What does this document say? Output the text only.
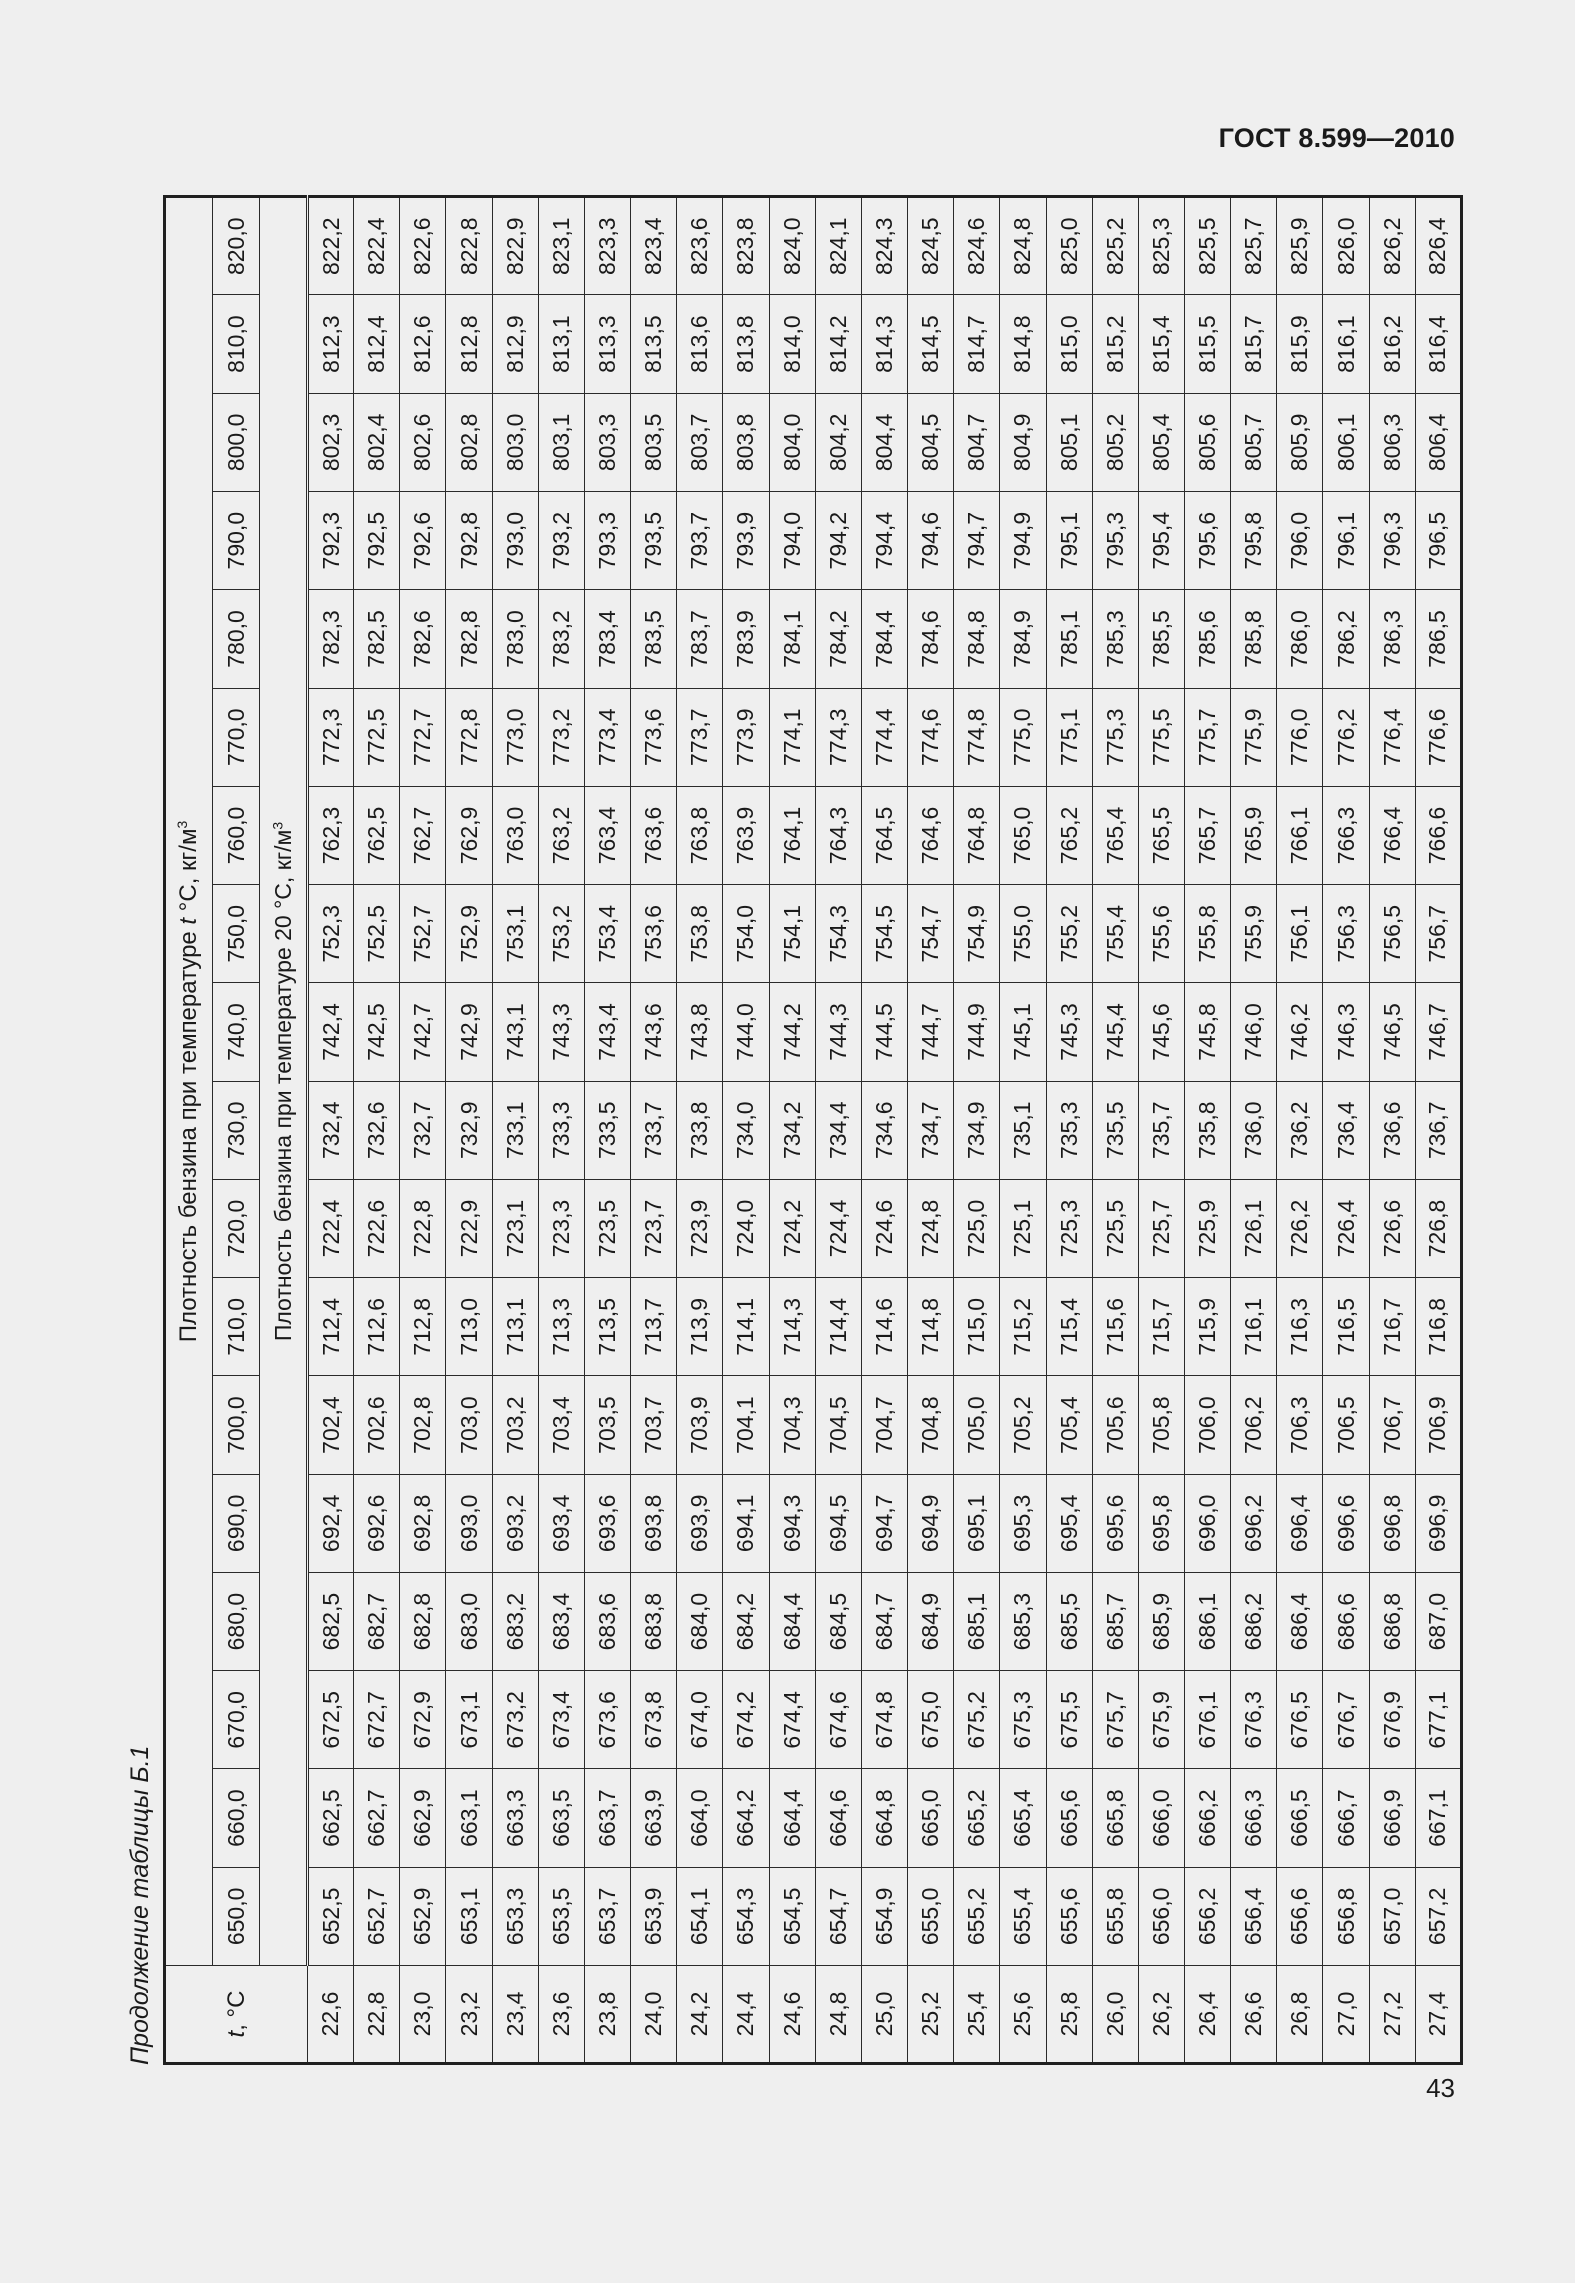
ГОСТ 8.599—2010
Продолжение таблицы Б.1	t, °С	Плотность бензина при температуре t °С, $кг/м^3$
	650,0	660,0	670,0	680,0	690,0	700,0	710,0	720,0	730,0	740,0	750,0	760,0	770,0	780,0	790,0	800,0	810,0	820,0
	Плотность бензина при температуре 20 °С, $кг/м^3$
22,6	652,5	662,5	672,5	682,5	692,4	702,4	712,4	722,4	732,4	742,4	752,3	762,3	772,3	782,3	792,3	802,3	812,3	822,2
22,8	652,7	662,7	672,7	682,7	692,6	702,6	712,6	722,6	732,6	742,5	752,5	762,5	772,5	782,5	792,5	802,4	812,4	822,4
23,0	652,9	662,9	672,9	682,8	692,8	702,8	712,8	722,8	732,7	742,7	752,7	762,7	772,7	782,6	792,6	802,6	812,6	822,6
23,2	653,1	663,1	673,1	683,0	693,0	703,0	713,0	722,9	732,9	742,9	752,9	762,9	772,8	782,8	792,8	802,8	812,8	822,8
23,4	653,3	663,3	673,2	683,2	693,2	703,2	713,1	723,1	733,1	743,1	753,1	763,0	773,0	783,0	793,0	803,0	812,9	822,9
23,6	653,5	663,5	673,4	683,4	693,4	703,4	713,3	723,3	733,3	743,3	753,2	763,2	773,2	783,2	793,2	803,1	813,1	823,1
23,8	653,7	663,7	673,6	683,6	693,6	703,5	713,5	723,5	733,5	743,4	753,4	763,4	773,4	783,4	793,3	803,3	813,3	823,3
24,0	653,9	663,9	673,8	683,8	693,8	703,7	713,7	723,7	733,7	743,6	753,6	763,6	773,6	783,5	793,5	803,5	813,5	823,4
24,2	654,1	664,0	674,0	684,0	693,9	703,9	713,9	723,9	733,8	743,8	753,8	763,8	773,7	783,7	793,7	803,7	813,6	823,6
24,4	654,3	664,2	674,2	684,2	694,1	704,1	714,1	724,0	734,0	744,0	754,0	763,9	773,9	783,9	793,9	803,8	813,8	823,8
24,6	654,5	664,4	674,4	684,4	694,3	704,3	714,3	724,2	734,2	744,2	754,1	764,1	774,1	784,1	794,0	804,0	814,0	824,0
24,8	654,7	664,6	674,6	684,5	694,5	704,5	714,4	724,4	734,4	744,3	754,3	764,3	774,3	784,2	794,2	804,2	814,2	824,1
25,0	654,9	664,8	674,8	684,7	694,7	704,7	714,6	724,6	734,6	744,5	754,5	764,5	774,4	784,4	794,4	804,4	814,3	824,3
25,2	655,0	665,0	675,0	684,9	694,9	704,8	714,8	724,8	734,7	744,7	754,7	764,6	774,6	784,6	794,6	804,5	814,5	824,5
25,4	655,2	665,2	675,2	685,1	695,1	705,0	715,0	725,0	734,9	744,9	754,9	764,8	774,8	784,8	794,7	804,7	814,7	824,6
25,6	655,4	665,4	675,3	685,3	695,3	705,2	715,2	725,1	735,1	745,1	755,0	765,0	775,0	784,9	794,9	804,9	814,8	824,8
25,8	655,6	665,6	675,5	685,5	695,4	705,4	715,4	725,3	735,3	745,3	755,2	765,2	775,1	785,1	795,1	805,1	815,0	825,0
26,0	655,8	665,8	675,7	685,7	695,6	705,6	715,6	725,5	735,5	745,4	755,4	765,4	775,3	785,3	795,3	805,2	815,2	825,2
26,2	656,0	666,0	675,9	685,9	695,8	705,8	715,7	725,7	735,7	745,6	755,6	765,5	775,5	785,5	795,4	805,4	815,4	825,3
26,4	656,2	666,2	676,1	686,1	696,0	706,0	715,9	725,9	735,8	745,8	755,8	765,7	775,7	785,6	795,6	805,6	815,5	825,5
26,6	656,4	666,3	676,3	686,2	696,2	706,2	716,1	726,1	736,0	746,0	755,9	765,9	775,9	785,8	795,8	805,7	815,7	825,7
26,8	656,6	666,5	676,5	686,4	696,4	706,3	716,3	726,2	736,2	746,2	756,1	766,1	776,0	786,0	796,0	805,9	815,9	825,9
27,0	656,8	666,7	676,7	686,6	696,6	706,5	716,5	726,4	736,4	746,3	756,3	766,3	776,2	786,2	796,1	806,1	816,1	826,0
27,2	657,0	666,9	676,9	686,8	696,8	706,7	716,7	726,6	736,6	746,5	756,5	766,4	776,4	786,3	796,3	806,3	816,2	826,2
27,4	657,2	667,1	677,1	687,0	696,9	706,9	716,8	726,8	736,7	746,7	756,7	766,6	776,6	786,5	796,5	806,4	816,4	826,4
43
